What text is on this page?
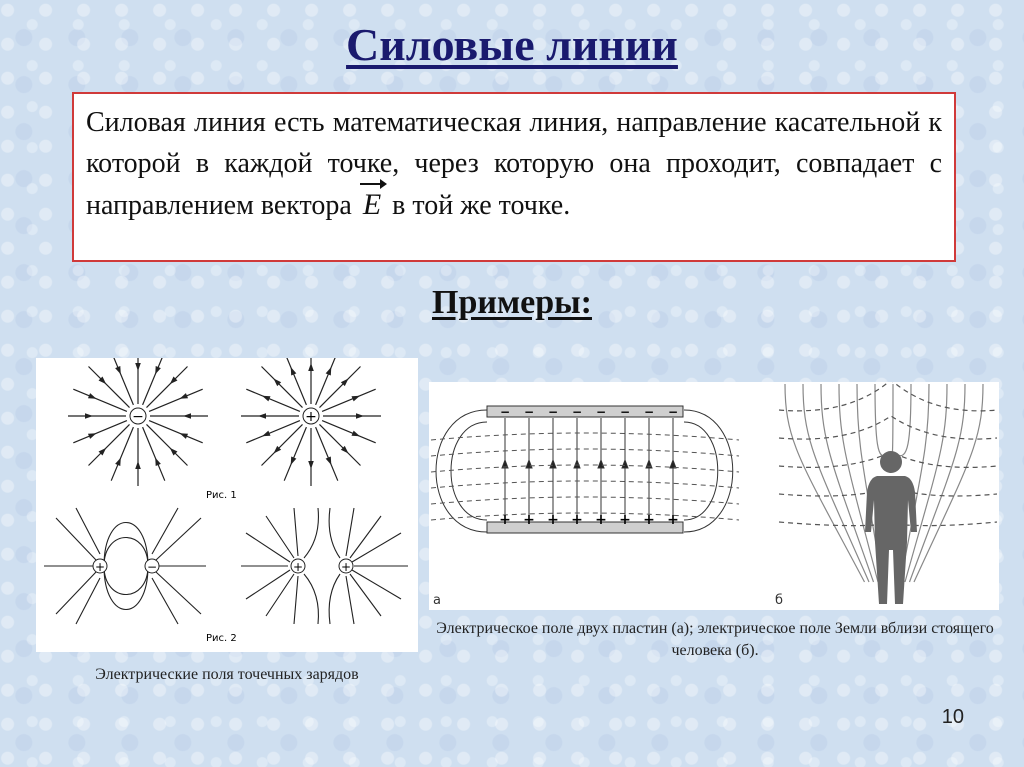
Силовые линии
Силовая линия есть математическая линия, направление касательной к которой в каждой точке, через которую она проходит, совпадает с направлением вектора E в той же точке.
Примеры:
−	+
Рис. 1
+	−	+	+
Рис. 2
− − − − − − − −
+ + + + + + + +
а	б
Электрические поля точечных зарядов
Электрическое поле двух пластин (а); электрическое поле Земли вблизи стоящего человека (б).
10
